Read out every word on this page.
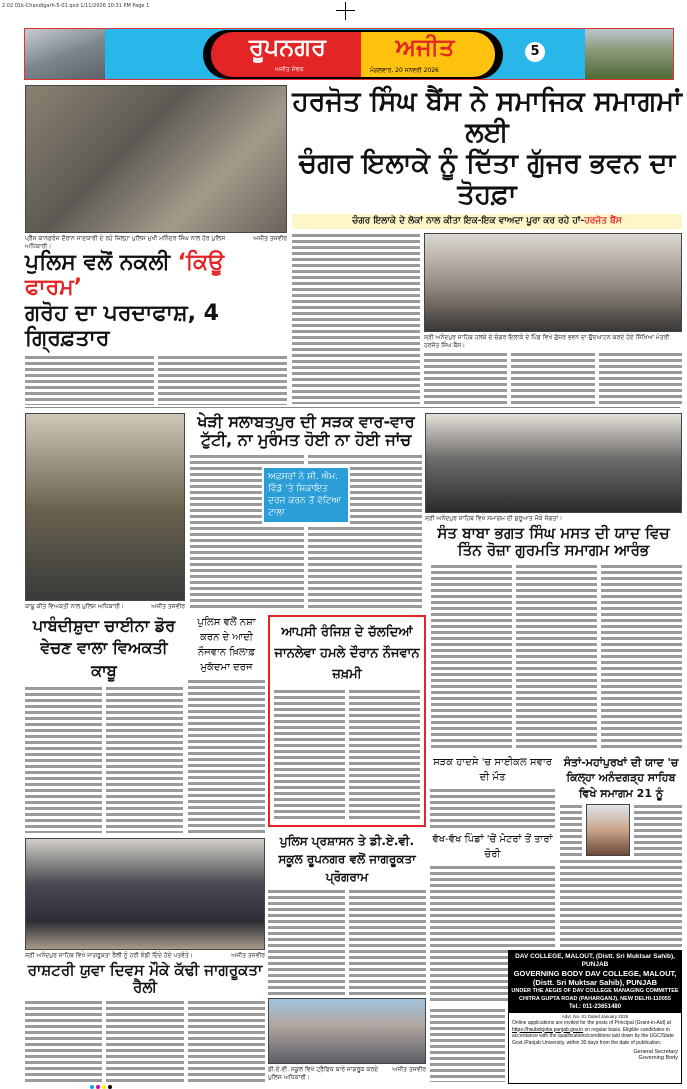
2 02 01k-Chandigarh-5-01.qxd 1/11/2026 10:31 PM Page 1
ਰੂਪਨਗਰ
ਅਜੀਤ ਸੇਵਕ
ਅਜੀਤ
ਮੰਗਲਵਾਰ, 20 ਜਨਵਰੀ 2026
5
ਅਜੀਤ ਤਸਵੀਰ
ਪ੍ਰੈੱਸ ਕਾਨਫ਼ਰੰਸ ਦੌਰਾਨ ਜਾਣਕਾਰੀ ਦੇ ਰਹੇ ਜ਼ਿਲ੍ਹਾ ਪੁਲਿਸ ਮੁਖੀ ਮਨਿੰਦਰ ਸਿੰਘ ਨਾਲ ਹੋਰ ਪੁਲਿਸ ਅਧਿਕਾਰੀ।
ਹਰਜੋਤ ਸਿੰਘ ਬੈਂਸ ਨੇ ਸਮਾਜਿਕ ਸਮਾਗਮਾਂ ਲਈ
ਚੰਗਰ ਇਲਾਕੇ ਨੂੰ ਦਿੱਤਾ ਗੁੱਜਰ ਭਵਨ ਦਾ ਤੋਹਫ਼ਾ
ਚੰਗਰ ਇਲਾਕੇ ਦੇ ਲੋਕਾਂ ਨਾਲ ਕੀਤਾ ਇਕ-ਇਕ ਵਾਅਦਾ ਪੂਰਾ ਕਰ ਰਹੇ ਹਾਂ-ਹਰਜੋਤ ਬੈਂਸ
ਸ੍ਰੀ ਅਨੰਦਪੁਰ ਸਾਹਿਬ ਹਲਕੇ ਦੇ ਚੰਗਰ ਇਲਾਕੇ ਦੇ ਪਿੰਡ ਵਿਖੇ ਗੁੱਜਰ ਭਵਨ ਦਾ ਉਦਘਾਟਨ ਕਰਦੇ ਹੋਏ ਸਿੱਖਿਆ ਮੰਤਰੀ ਹਰਜੋਤ ਸਿੰਘ ਬੈਂਸ।
ਪੁਲਿਸ ਵਲੋਂ ਨਕਲੀ ‘ਕਿਊ ਫਾਰਮ’
ਗਰੋਹ ਦਾ ਪਰਦਾਫਾਸ਼, 4 ਗ੍ਰਿਫ਼ਤਾਰ
ਅਜੀਤ ਤਸਵੀਰ
ਕਾਬੂ ਕੀਤੇ ਵਿਅਕਤੀ ਨਾਲ ਪੁਲਿਸ ਅਧਿਕਾਰੀ।
ਖੇੜੀ ਸਲਾਬਤਪੁਰ ਦੀ ਸੜਕ ਵਾਰ-ਵਾਰ
ਟੁੱਟੀ, ਨਾ ਮੁਰੰਮਤ ਹੋਈ ਨਾ ਹੋਈ ਜਾਂਚ
ਅਫ਼ਸਰਾਂ ਨੇ ਸੀ. ਐਮ. ਵਿੰਡੋ 'ਤੇ ਸ਼ਿਕਾਇਤ ਦਰਜ ਕਰਨ ਤੋਂ ਵੱਟਿਆ ਟਾਲਾ
ਸ੍ਰੀ ਅਨੰਦਪੁਰ ਸਾਹਿਬ ਵਿਖੇ ਸਮਾਗਮ ਦੀ ਸ਼ੁਰੂਆਤ ਮੌਕੇ ਸੰਗਤਾਂ।
ਸੰਤ ਬਾਬਾ ਭਗਤ ਸਿੰਘ ਮਸਤ ਦੀ ਯਾਦ ਵਿਚ
ਤਿੰਨ ਰੋਜ਼ਾ ਗੁਰਮਤਿ ਸਮਾਗਮ ਆਰੰਭ
ਪਾਬੰਦੀਸ਼ੁਦਾ ਚਾਈਨਾ ਡੋਰ ਵੇਚਣ ਵਾਲਾ ਵਿਅਕਤੀ ਕਾਬੂ
ਪੁਲਿਸ ਵਲੋਂ ਨਸ਼ਾ ਕਰਨ ਦੇ ਆਦੀ ਨੌਜਵਾਨ ਖ਼ਿਲਾਫ਼ ਮੁਕੱਦਮਾ ਦਰਜ
ਆਪਸੀ ਰੰਜਿਸ਼ ਦੇ ਚੱਲਦਿਆਂ ਜਾਨਲੇਵਾ ਹਮਲੇ ਦੌਰਾਨ ਨੌਜਵਾਨ ਜ਼ਖ਼ਮੀ
ਸੜਕ ਹਾਦਸੇ 'ਚ ਸਾਈਕਲ ਸਵਾਰ ਦੀ ਮੌਤ
ਵੱਖ-ਵੱਖ ਪਿੰਡਾਂ 'ਚੋਂ ਮੋਟਰਾਂ ਤੋਂ ਤਾਰਾਂ ਚੋਰੀ
ਸੰਤਾਂ-ਮਹਾਂਪੁਰਖਾਂ ਦੀ ਯਾਦ 'ਚ ਕਿਲ੍ਹਾ ਅਨੰਦਗੜ੍ਹ ਸਾਹਿਬ ਵਿਖੇ ਸਮਾਗਮ 21 ਨੂੰ
ਅਜੀਤ ਤਸਵੀਰ
ਸ੍ਰੀ ਅਨੰਦਪੁਰ ਸਾਹਿਬ ਵਿਖੇ ਜਾਗਰੂਕਤਾ ਰੈਲੀ ਨੂੰ ਹਰੀ ਝੰਡੀ ਦਿੰਦੇ ਹੋਏ ਪਤਵੰਤੇ।
ਰਾਸ਼ਟਰੀ ਯੁਵਾ ਦਿਵਸ ਮੌਕੇ ਕੱਢੀ ਜਾਗਰੂਕਤਾ ਰੈਲੀ
ਪੁਲਿਸ ਪ੍ਰਸ਼ਾਸਨ ਤੇ ਡੀ.ਏ.ਵੀ. ਸਕੂਲ ਰੂਪਨਗਰ ਵਲੋਂ ਜਾਗਰੂਕਤਾ ਪ੍ਰੋਗਰਾਮ
ਅਜੀਤ ਤਸਵੀਰ
ਡੀ.ਏ.ਵੀ. ਸਕੂਲ ਵਿਖੇ ਟ੍ਰੈਫਿਕ ਬਾਰੇ ਜਾਗਰੂਕ ਕਰਦੇ ਪੁਲਿਸ ਅਧਿਕਾਰੀ।
DAV COLLEGE, MALOUT, (Distt. Sri Muktsar Sahib), PUNJAB
GOVERNING BODY DAV COLLEGE, MALOUT, (Distt. Sri Muktsar Sahib), PUNJAB
UNDER THE AEGIS OF DAV COLLEGE MANAGING COMMITTEE
CHITRA GUPTA ROAD (PAHARGANJ), NEW DELHI-110055
Tel.: 011-23651480
Advt. No. 01 Dated January 2026
Online applications are invited for the posts of Principal (Grant-in-Aid) at https://hsubdcjobs.punjab.gov.in on regular basis. Eligible candidates in accordance with the qualifications/conditions laid down by the UGC/State Govt./Panjab University, within 30 days from the date of publication.
General Secretary
Governing Body
